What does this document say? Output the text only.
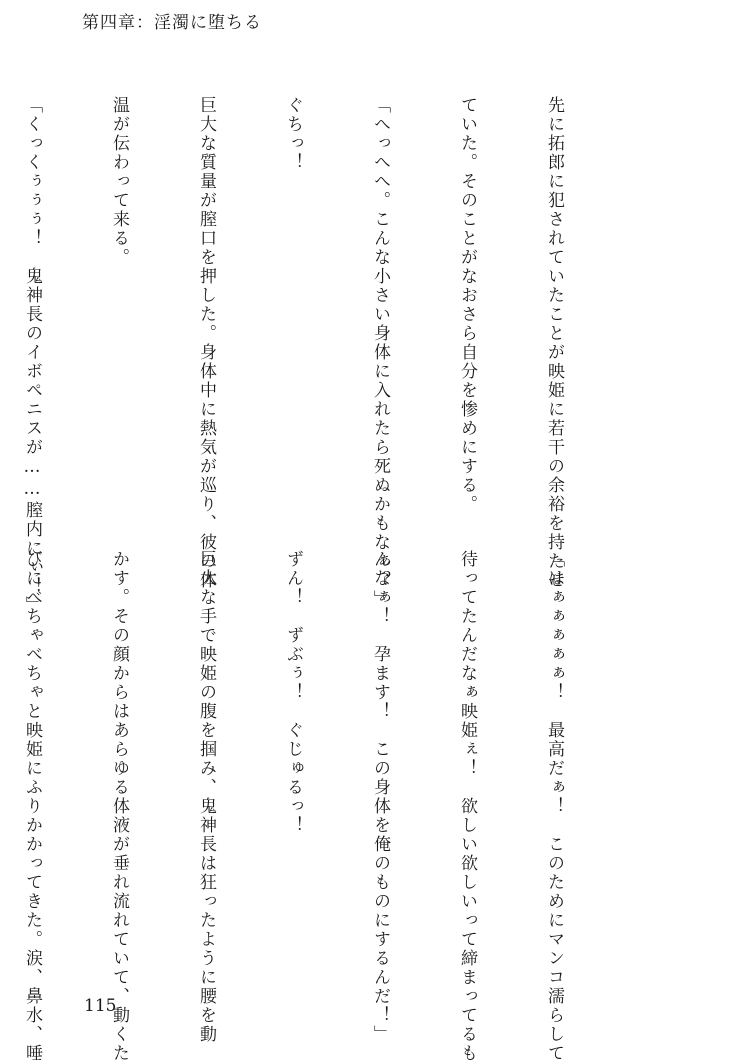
第四章：淫濁に堕ちる

先に拓郎に犯されていたことが映姫に若干の余裕を持たせ

ていた。そのことがなおさら自分を惨めにする。

「へっへへ。こんな小さい身体に入れたら死ぬかもなぁ？」

ぐちっ！

巨大な質量が膣口を押した。身体中に熱気が巡り、彼の体

温が伝わって来る。

「くっくぅぅぅ！　鬼神長のイボペニスが……膣内にぃ！」

「はぁぁぁぁぁ！　最高だぁ！　このためにマンコ濡らして

待ってたんだなぁ映姫ぇ！　欲しい欲しいって締まってるも

んなぁ！　孕ます！　この身体を俺のものにするんだ！」

ずん！　ずぶぅ！　ぐじゅるっ！

巨大な手で映姫の腹を掴み、鬼神長は狂ったように腰を動

かす。その顔からはあらゆる体液が垂れ流れていて、動くた

びにべちゃべちゃと映姫にふりかかってきた。涙、鼻水、唾

115
